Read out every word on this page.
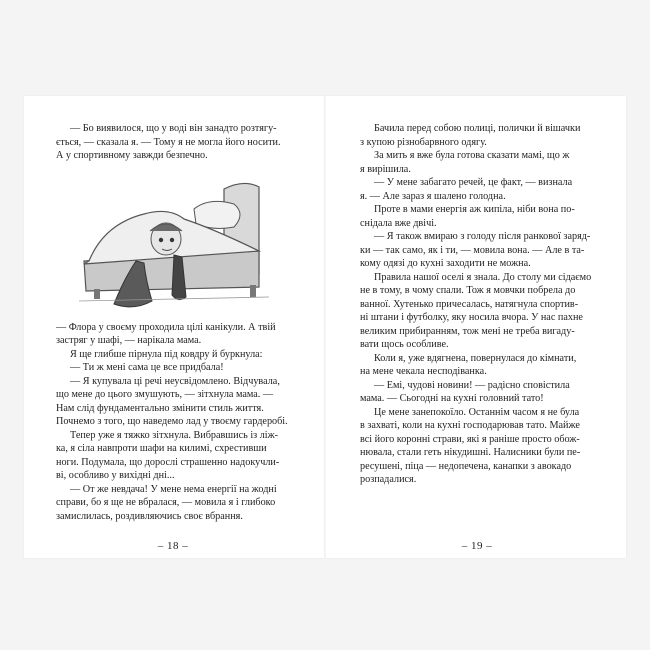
— Бо виявилося, що у воді він занадто розтягу-

ється, — сказала я. — Тому я не могла його носити.

А у спортивному завжди безпечно.

— Флора у своєму проходила цілі канікули. А твій

застряг у шафі, — нарікала мама.

Я ще глибше пірнула під ковдру й буркнула:

— Ти ж мені сама це все придбала!

— Я купувала ці речі неусвідомлено. Відчувала,

що мене до цього змушують, — зітхнула мама. —

Нам слід фундаментально змінити стиль життя.

Почнемо з того, що наведемо лад у твоєму гардеробі.

Тепер уже я тяжко зітхнула. Вибравшись із ліж-

ка, я сіла навпроти шафи на килимі, схрестивши

ноги. Подумала, що дорослі страшенно надокучли-

ві, особливо у вихідні дні...

— От же невдача! У мене нема енергії на жодні

справи, бо я ще не вбралася, — мовила я і глибоко

замислилась, роздивляючись своє вбрання.

– 18 –

Бачила перед собою полиці, полички й вішачки

з купою різнобарвного одягу.

За мить я вже була готова сказати мамі, що ж

я вирішила.

— У мене забагато речей, це факт, — визнала

я. — Але зараз я шалено голодна.

Проте в мами енергія аж кипіла, ніби вона по-

снідала вже двічі.

— Я також вмираю з голоду після ранкової заряд-

ки — так само, як і ти, — мовила вона. — Але в та-

кому одязі до кухні заходити не можна.

Правила нашої оселі я знала. До столу ми сідаємо

не в тому, в чому спали. Тож я мовчки побрела до

ванної. Хутенько причесалась, натягнула спортив-

ні штани і футболку, яку носила вчора. У нас пахне

великим прибиранням, тож мені не треба вигаду-

вати щось особливе.

Коли я, уже вдягнена, повернулася до кімнати,

на мене чекала несподіванка.

— Емі, чудові новини! — радісно сповістила

мама. — Сьогодні на кухні головний тато!

Це мене занепокоїло. Останнім часом я не була

в захваті, коли на кухні господарював тато. Майже

всі його коронні страви, які я раніше просто обож-

нювала, стали геть нікудишні. Налисники були пе-

ресушені, піца — недопечена, канапки з авокадо

розпадалися.

– 19 –
